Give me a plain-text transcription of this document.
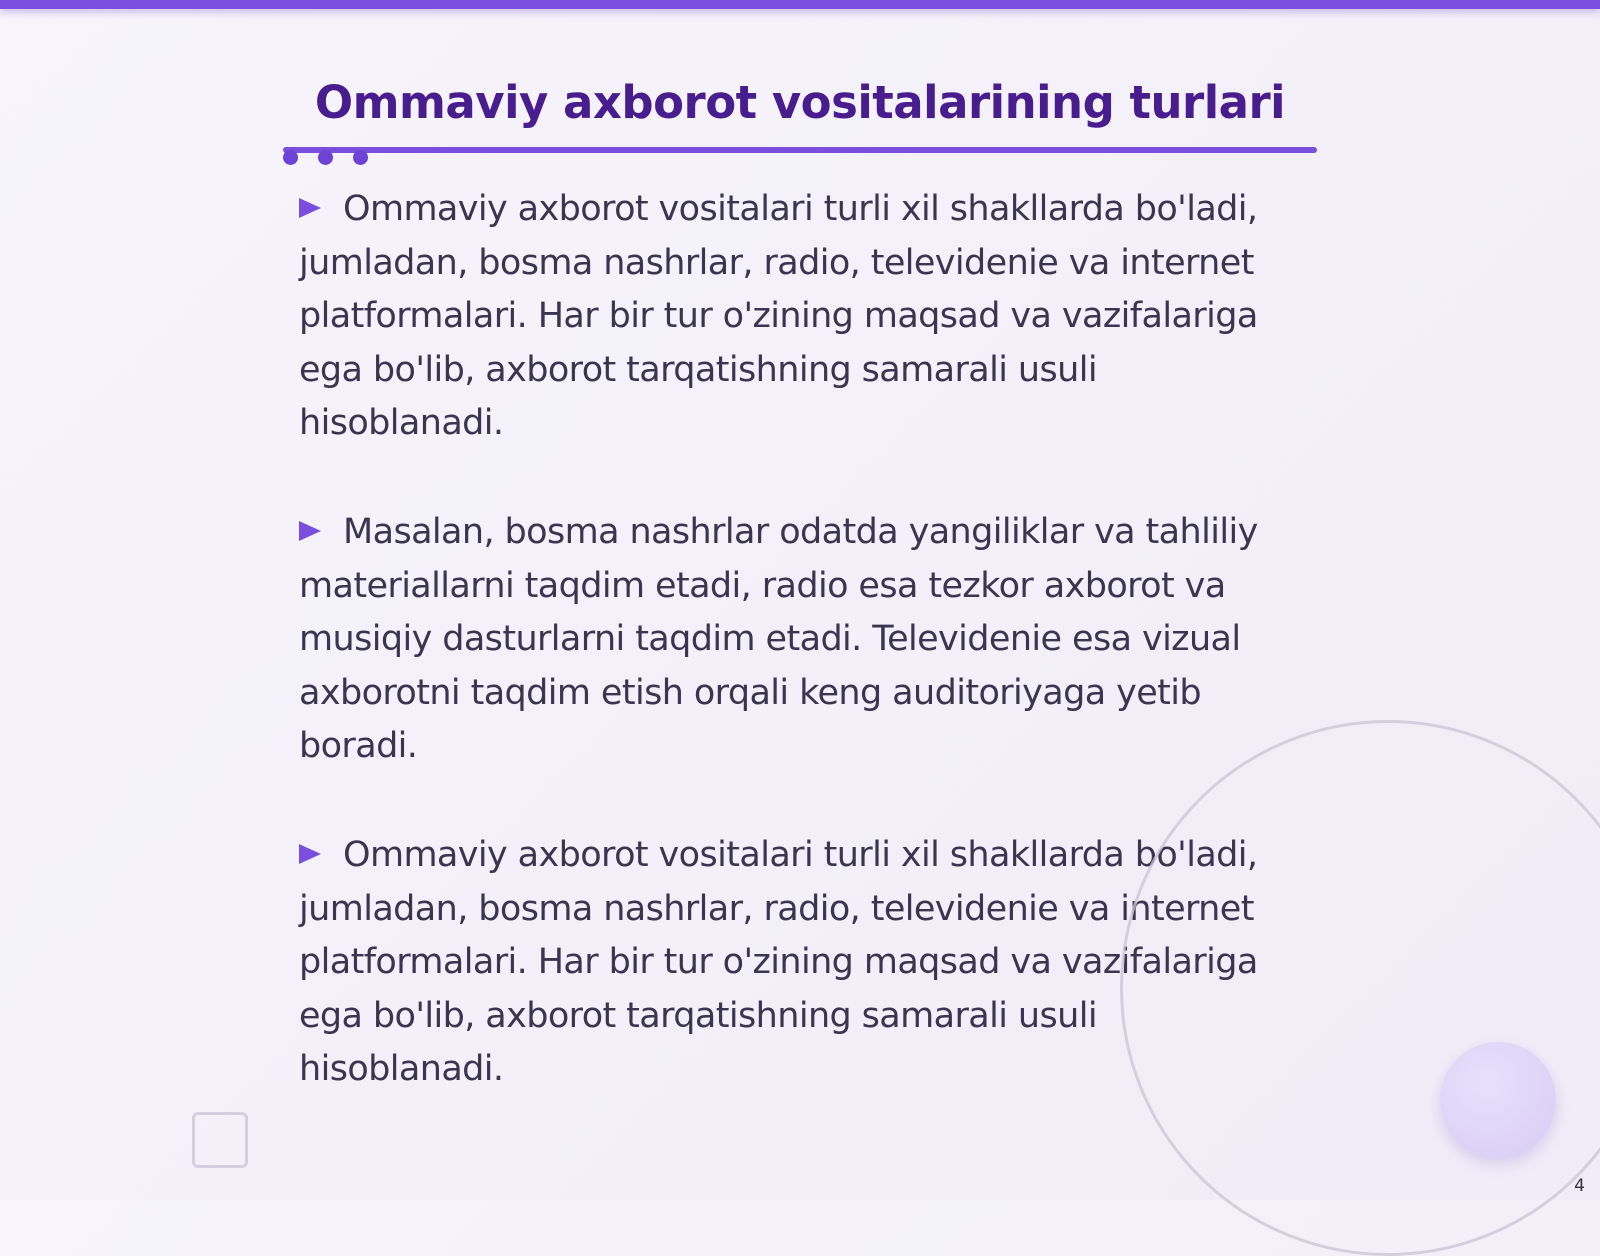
Ommaviy axborot vositalarining turlari

Ommaviy axborot vositalari turli xil shakllarda bo'ladi, jumladan, bosma nashrlar, radio, televidenie va internet platformalari. Har bir tur o'zining maqsad va vazifalariga ega bo'lib, axborot tarqatishning samarali usuli hisoblanadi.

Masalan, bosma nashrlar odatda yangiliklar va tahliliy materiallarni taqdim etadi, radio esa tezkor axborot va musiqiy dasturlarni taqdim etadi. Televidenie esa vizual axborotni taqdim etish orqali keng auditoriyaga yetib boradi.

Ommaviy axborot vositalari turli xil shakllarda bo'ladi, jumladan, bosma nashrlar, radio, televidenie va internet platformalari. Har bir tur o'zining maqsad va vazifalariga ega bo'lib, axborot tarqatishning samarali usuli hisoblanadi.

4
